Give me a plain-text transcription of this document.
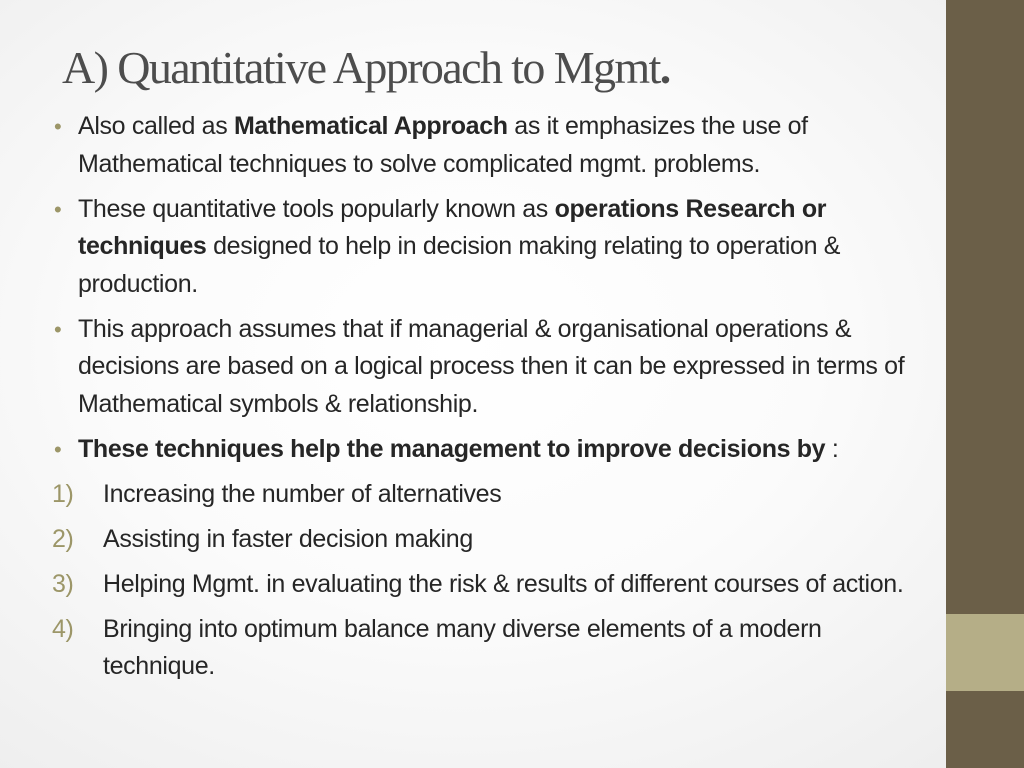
A) Quantitative Approach to Mgmt.
• Also called as Mathematical Approach as it emphasizes the use of Mathematical techniques to solve complicated mgmt. problems.
• These quantitative tools popularly known as operations Research or techniques designed to help in decision making relating to operation & production.
• This approach assumes that if managerial & organisational operations & decisions are based on a logical process then it can be expressed in terms of Mathematical symbols & relationship.
• These techniques help the management to improve decisions by :
1) Increasing the number of alternatives
2) Assisting in faster decision making
3) Helping Mgmt. in evaluating the risk & results of different courses of action.
4) Bringing into optimum balance many diverse elements of a modern technique.
